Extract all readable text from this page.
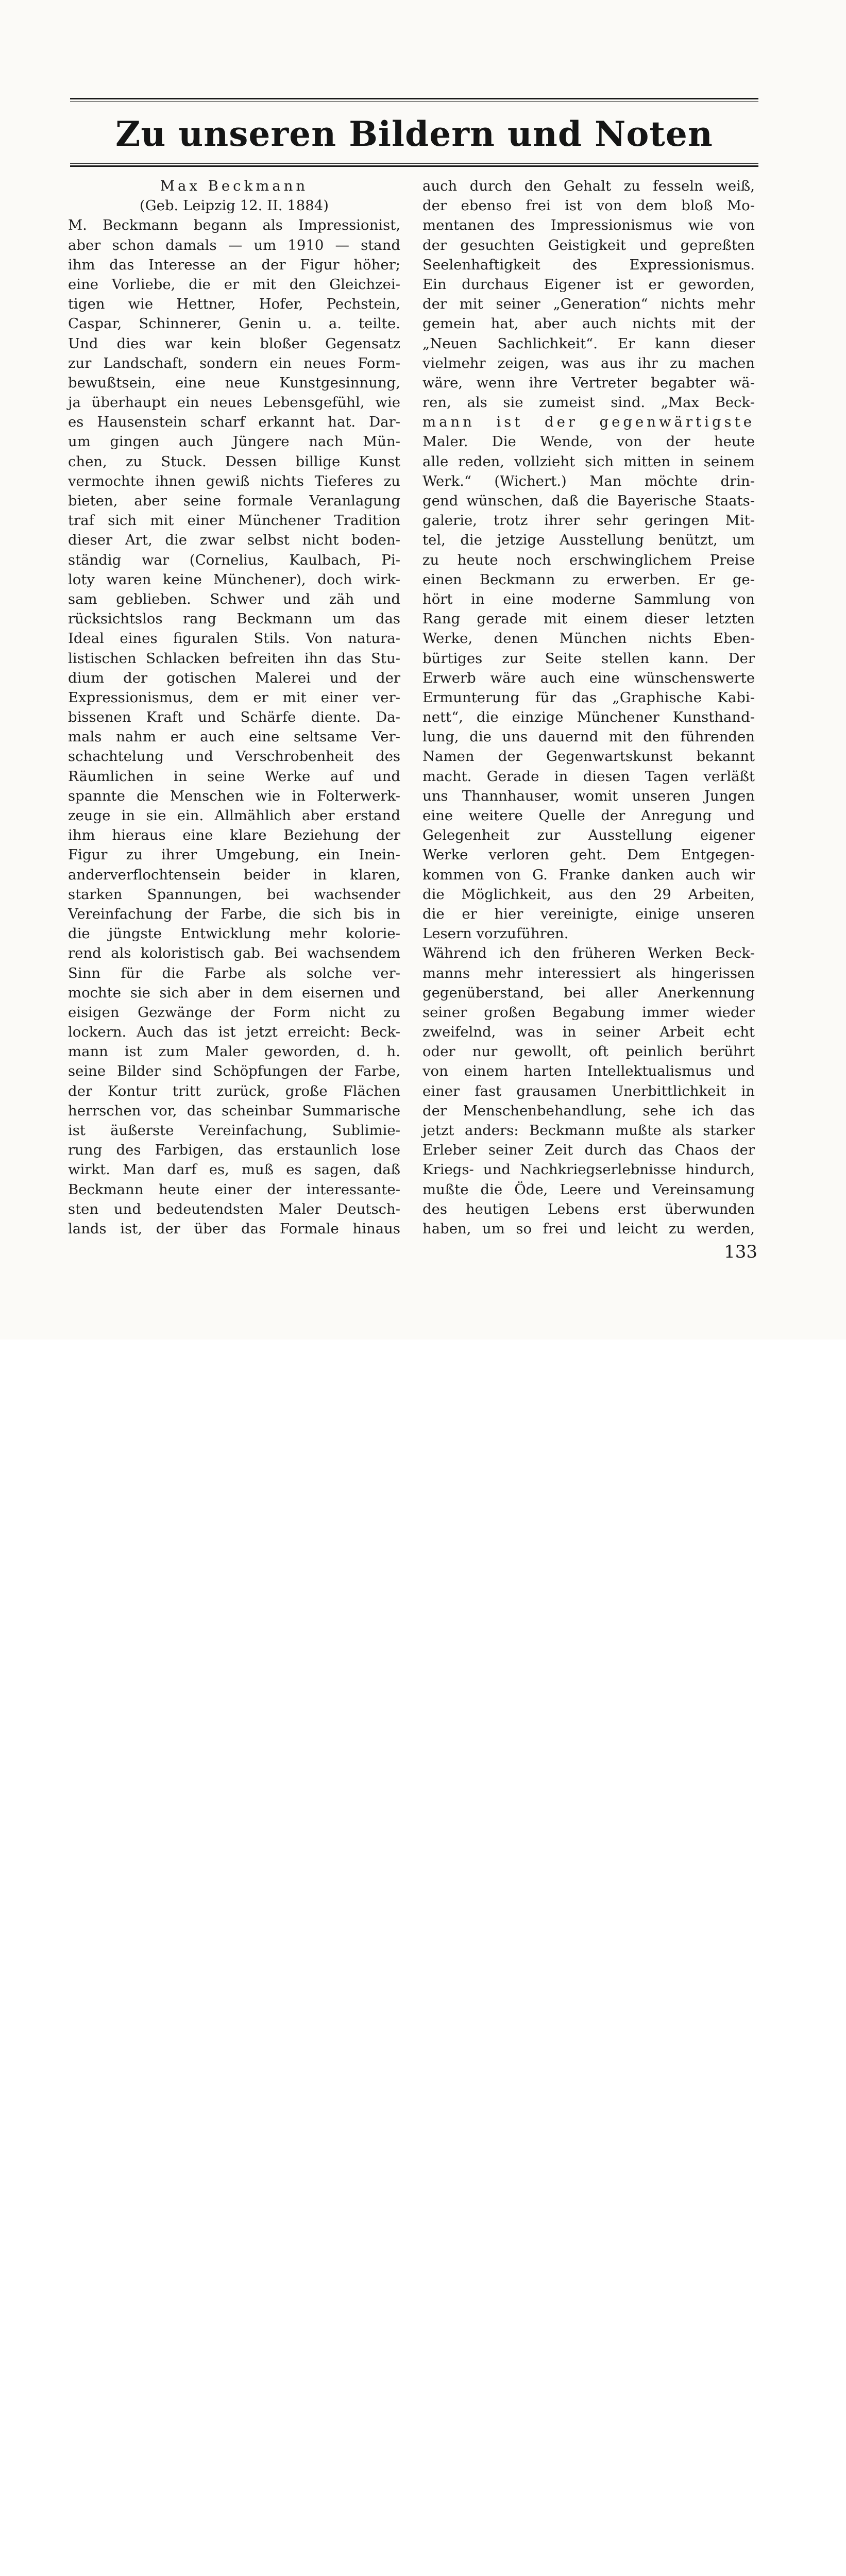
Zu unseren Bildern und Noten
Max Beckmann
(Geb. Leipzig 12. II. 1884)
M. Beckmann begann als Impressionist,
aber schon damals — um 1910 — stand
ihm das Interesse an der Figur höher;
eine Vorliebe, die er mit den Gleichzei-
tigen wie Hettner, Hofer, Pechstein,
Caspar, Schinnerer, Genin u. a. teilte.
Und dies war kein bloßer Gegensatz
zur Landschaft, sondern ein neues Form-
bewußtsein, eine neue Kunstgesinnung,
ja überhaupt ein neues Lebensgefühl, wie
es Hausenstein scharf erkannt hat. Dar-
um gingen auch Jüngere nach Mün-
chen, zu Stuck. Dessen billige Kunst
vermochte ihnen gewiß nichts Tieferes zu
bieten, aber seine formale Veranlagung
traf sich mit einer Münchener Tradition
dieser Art, die zwar selbst nicht boden-
ständig war (Cornelius, Kaulbach, Pi-
loty waren keine Münchener), doch wirk-
sam geblieben. Schwer und zäh und
rücksichtslos rang Beckmann um das
Ideal eines figuralen Stils. Von natura-
listischen Schlacken befreiten ihn das Stu-
dium der gotischen Malerei und der
Expressionismus, dem er mit einer ver-
bissenen Kraft und Schärfe diente. Da-
mals nahm er auch eine seltsame Ver-
schachtelung und Verschrobenheit des
Räumlichen in seine Werke auf und
spannte die Menschen wie in Folterwerk-
zeuge in sie ein. Allmählich aber erstand
ihm hieraus eine klare Beziehung der
Figur zu ihrer Umgebung, ein Inein-
anderverflochtensein beider in klaren,
starken Spannungen, bei wachsender
Vereinfachung der Farbe, die sich bis in
die jüngste Entwicklung mehr kolorie-
rend als koloristisch gab. Bei wachsendem
Sinn für die Farbe als solche ver-
mochte sie sich aber in dem eisernen und
eisigen Gezwänge der Form nicht zu
lockern. Auch das ist jetzt erreicht: Beck-
mann ist zum Maler geworden, d. h.
seine Bilder sind Schöpfungen der Farbe,
der Kontur tritt zurück, große Flächen
herrschen vor, das scheinbar Summarische
ist äußerste Vereinfachung, Sublimie-
rung des Farbigen, das erstaunlich lose
wirkt. Man darf es, muß es sagen, daß
Beckmann heute einer der interessante-
sten und bedeutendsten Maler Deutsch-
lands ist, der über das Formale hinaus
auch durch den Gehalt zu fesseln weiß,
der ebenso frei ist von dem bloß Mo-
mentanen des Impressionismus wie von
der gesuchten Geistigkeit und gepreßten
Seelenhaftigkeit des Expressionismus.
Ein durchaus Eigener ist er geworden,
der mit seiner „Generation“ nichts mehr
gemein hat, aber auch nichts mit der
„Neuen Sachlichkeit“. Er kann dieser
vielmehr zeigen, was aus ihr zu machen
wäre, wenn ihre Vertreter begabter wä-
ren, als sie zumeist sind. „Max Beck-
mann ist der gegenwärtigste
Maler. Die Wende, von der heute
alle reden, vollzieht sich mitten in seinem
Werk.“ (Wichert.) Man möchte drin-
gend wünschen, daß die Bayerische Staats-
galerie, trotz ihrer sehr geringen Mit-
tel, die jetzige Ausstellung benützt, um
zu heute noch erschwinglichem Preise
einen Beckmann zu erwerben. Er ge-
hört in eine moderne Sammlung von
Rang gerade mit einem dieser letzten
Werke, denen München nichts Eben-
bürtiges zur Seite stellen kann. Der
Erwerb wäre auch eine wünschenswerte
Ermunterung für das „Graphische Kabi-
nett“, die einzige Münchener Kunsthand-
lung, die uns dauernd mit den führenden
Namen der Gegenwartskunst bekannt
macht. Gerade in diesen Tagen verläßt
uns Thannhauser, womit unseren Jungen
eine weitere Quelle der Anregung und
Gelegenheit zur Ausstellung eigener
Werke verloren geht. Dem Entgegen-
kommen von G. Franke danken auch wir
die Möglichkeit, aus den 29 Arbeiten,
die er hier vereinigte, einige unseren
Lesern vorzuführen.
Während ich den früheren Werken Beck-
manns mehr interessiert als hingerissen
gegenüberstand, bei aller Anerkennung
seiner großen Begabung immer wieder
zweifelnd, was in seiner Arbeit echt
oder nur gewollt, oft peinlich berührt
von einem harten Intellektualismus und
einer fast grausamen Unerbittlichkeit in
der Menschenbehandlung, sehe ich das
jetzt anders: Beckmann mußte als starker
Erleber seiner Zeit durch das Chaos der
Kriegs- und Nachkriegserlebnisse hindurch,
mußte die Öde, Leere und Vereinsamung
des heutigen Lebens erst überwunden
haben, um so frei und leicht zu werden,

133
